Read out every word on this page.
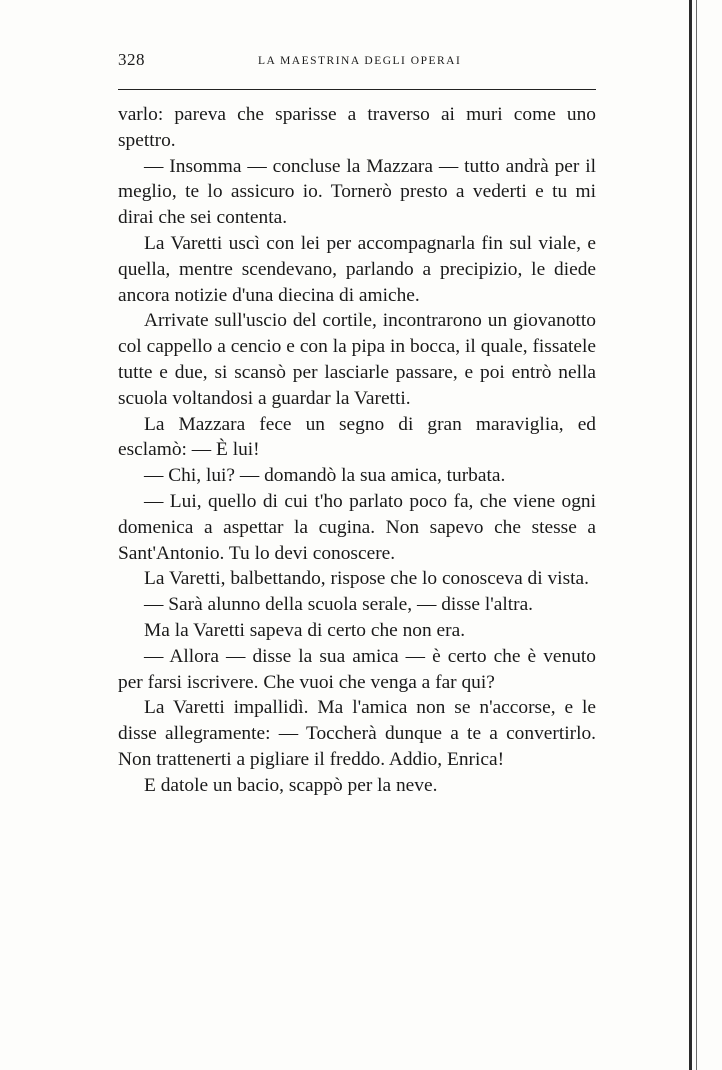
328	LA MAESTRINA DEGLI OPERAI

varlo: pareva che sparisse a traverso ai muri come uno spettro.

— Insomma — concluse la Mazzara — tutto andrà per il meglio, te lo assicuro io. Tornerò presto a vederti e tu mi dirai che sei contenta.

La Varetti uscì con lei per accompagnarla fin sul viale, e quella, mentre scendevano, parlando a precipizio, le diede ancora notizie d'una diecina di amiche.

Arrivate sull'uscio del cortile, incontrarono un giovanotto col cappello a cencio e con la pipa in bocca, il quale, fissatele tutte e due, si scansò per lasciarle passare, e poi entrò nella scuola voltandosi a guardar la Varetti.

La Mazzara fece un segno di gran maraviglia, ed esclamò: — È lui!

— Chi, lui? — domandò la sua amica, turbata.

— Lui, quello di cui t'ho parlato poco fa, che viene ogni domenica a aspettar la cugina. Non sapevo che stesse a Sant'Antonio. Tu lo devi conoscere.

La Varetti, balbettando, rispose che lo conosceva di vista.

— Sarà alunno della scuola serale, — disse l'altra.

Ma la Varetti sapeva di certo che non era.

— Allora — disse la sua amica — è certo che è venuto per farsi iscrivere. Che vuoi che venga a far qui?

La Varetti impallidì. Ma l'amica non se n'accorse, e le disse allegramente: — Toccherà dunque a te a convertirlo. Non trattenerti a pigliare il freddo. Addio, Enrica!

E datole un bacio, scappò per la neve.
